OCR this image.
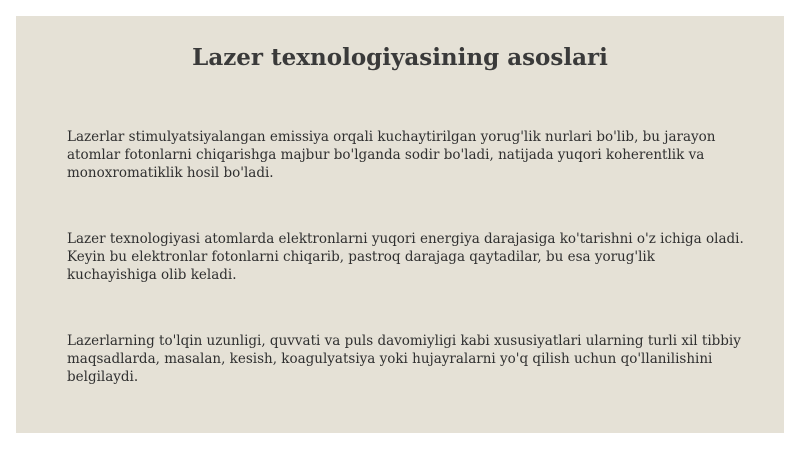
Lazer texnologiyasining asoslari

Lazerlar stimulyatsiyalangan emissiya orqali kuchaytirilgan yorug'lik nurlari bo'lib, bu jarayon atomlar fotonlarni chiqarishga majbur bo'lganda sodir bo'ladi, natijada yuqori koherentlik va monoxromatiklik hosil bo'ladi.

Lazer texnologiyasi atomlarda elektronlarni yuqori energiya darajasiga ko'tarishni o'z ichiga oladi. Keyin bu elektronlar fotonlarni chiqarib, pastroq darajaga qaytadilar, bu esa yorug'lik kuchayishiga olib keladi.

Lazerlarning to'lqin uzunligi, quvvati va puls davomiyligi kabi xususiyatlari ularning turli xil tibbiy maqsadlarda, masalan, kesish, koagulyatsiya yoki hujayralarni yo'q qilish uchun qo'llanilishini belgilaydi.
